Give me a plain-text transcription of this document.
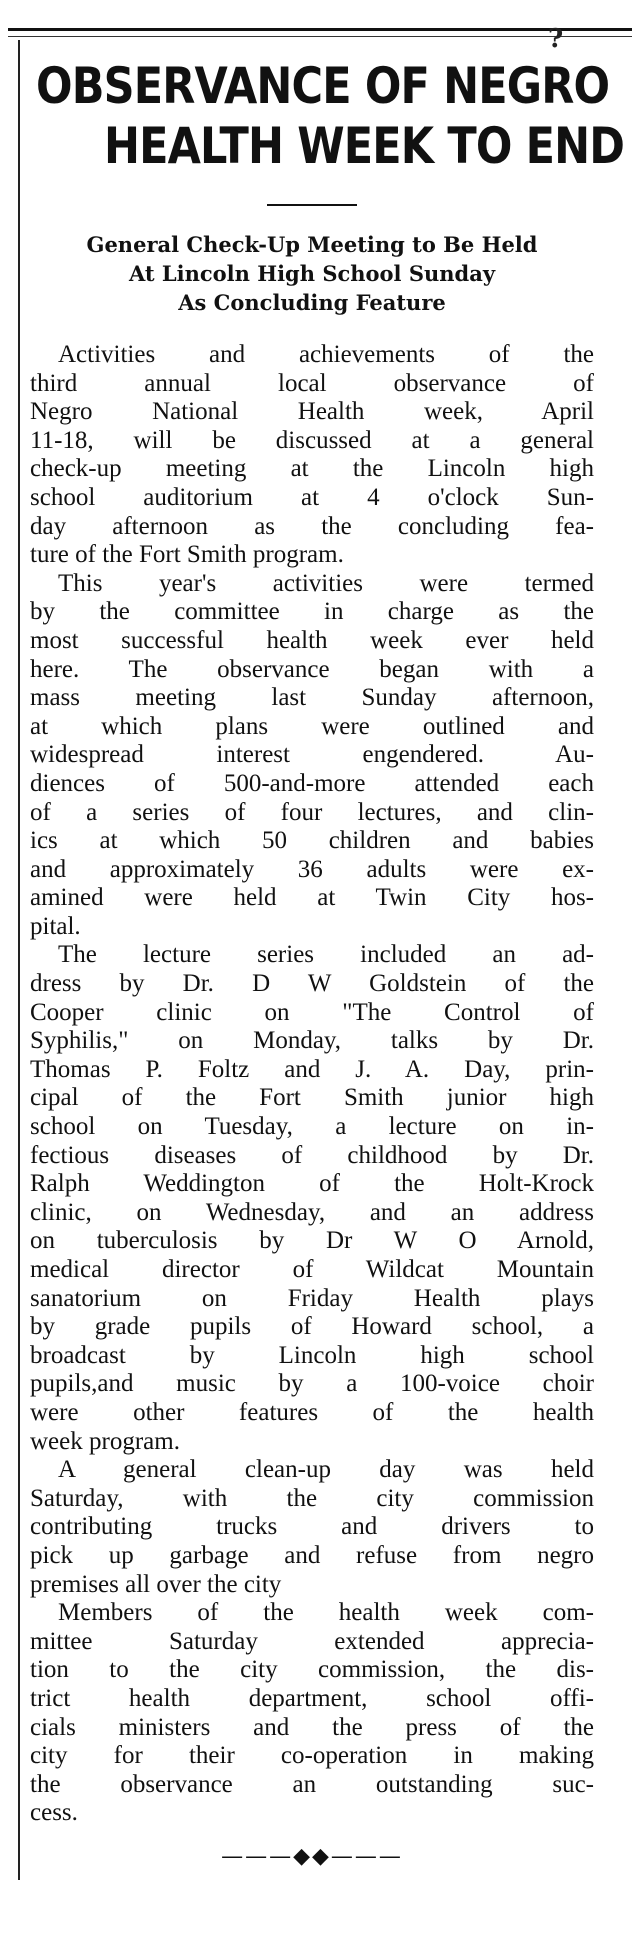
?
OBSERVANCE OF NEGRO
HEALTH WEEK TO END
General Check-Up Meeting to Be Held
At Lincoln High School Sunday
As Concluding Feature
Activities and achievements of the
third annual local observance of
Negro National Health week, April
11-18, will be discussed at a general
check-up meeting at the Lincoln high
school auditorium at 4 o'clock Sun-
day afternoon as the concluding fea-
ture of the Fort Smith program.
This year's activities were termed
by the committee in charge as the
most successful health week ever held
here. The observance began with a
mass meeting last Sunday afternoon,
at which plans were outlined and
widespread interest engendered. Au-
diences of 500-and-more attended each
of a series of four lectures, and clin-
ics at which 50 children and babies
and approximately 36 adults were ex-
amined were held at Twin City hos-
pital.
The lecture series included an ad-
dress by Dr. D W Goldstein of the
Cooper clinic on "The Control of
Syphilis," on Monday, talks by Dr.
Thomas P. Foltz and J. A. Day, prin-
cipal of the Fort Smith junior high
school on Tuesday, a lecture on in-
fectious diseases of childhood by Dr.
Ralph Weddington of the Holt-Krock
clinic, on Wednesday, and an address
on tuberculosis by Dr W O Arnold,
medical director of Wildcat Mountain
sanatorium on Friday Health plays
by grade pupils of Howard school, a
broadcast by Lincoln high school
pupils,and music by a 100-voice choir
were other features of the health
week program.
A general clean-up day was held
Saturday, with the city commission
contributing trucks and drivers to
pick up garbage and refuse from negro
premises all over the city
Members of the health week com-
mittee Saturday extended apprecia-
tion to the city commission, the dis-
trict health department, school offi-
cials ministers and the press of the
city for their co-operation in making
the observance an outstanding suc-
cess.
———◆◆———
